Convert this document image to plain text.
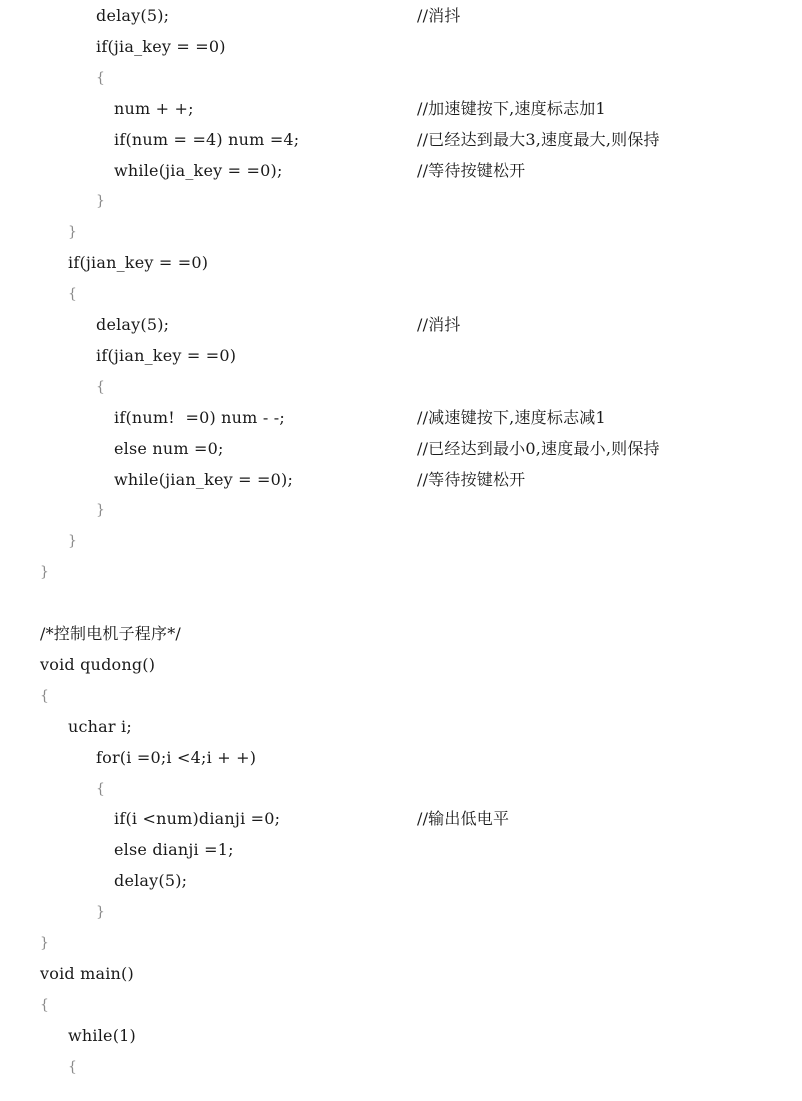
delay(5);	//消抖
if(jia_key = =0)
{
num + +;	//加速键按下,速度标志加1
if(num = =4) num =4;	//已经达到最大3,速度最大,则保持
while(jia_key = =0);	//等待按键松开
}
}
if(jian_key = =0)
{
delay(5);	//消抖
if(jian_key = =0)
{
if(num!  =0) num - -;	//减速键按下,速度标志减1
else num =0;	//已经达到最小0,速度最小,则保持
while(jian_key = =0);	//等待按键松开
}
}
}
/*控制电机子程序*/
void qudong()
{
uchar i;
for(i =0;i <4;i + +)
{
if(i <num)dianji =0;	//输出低电平
else dianji =1;
delay(5);
}
}
void main()
{
while(1)
{
